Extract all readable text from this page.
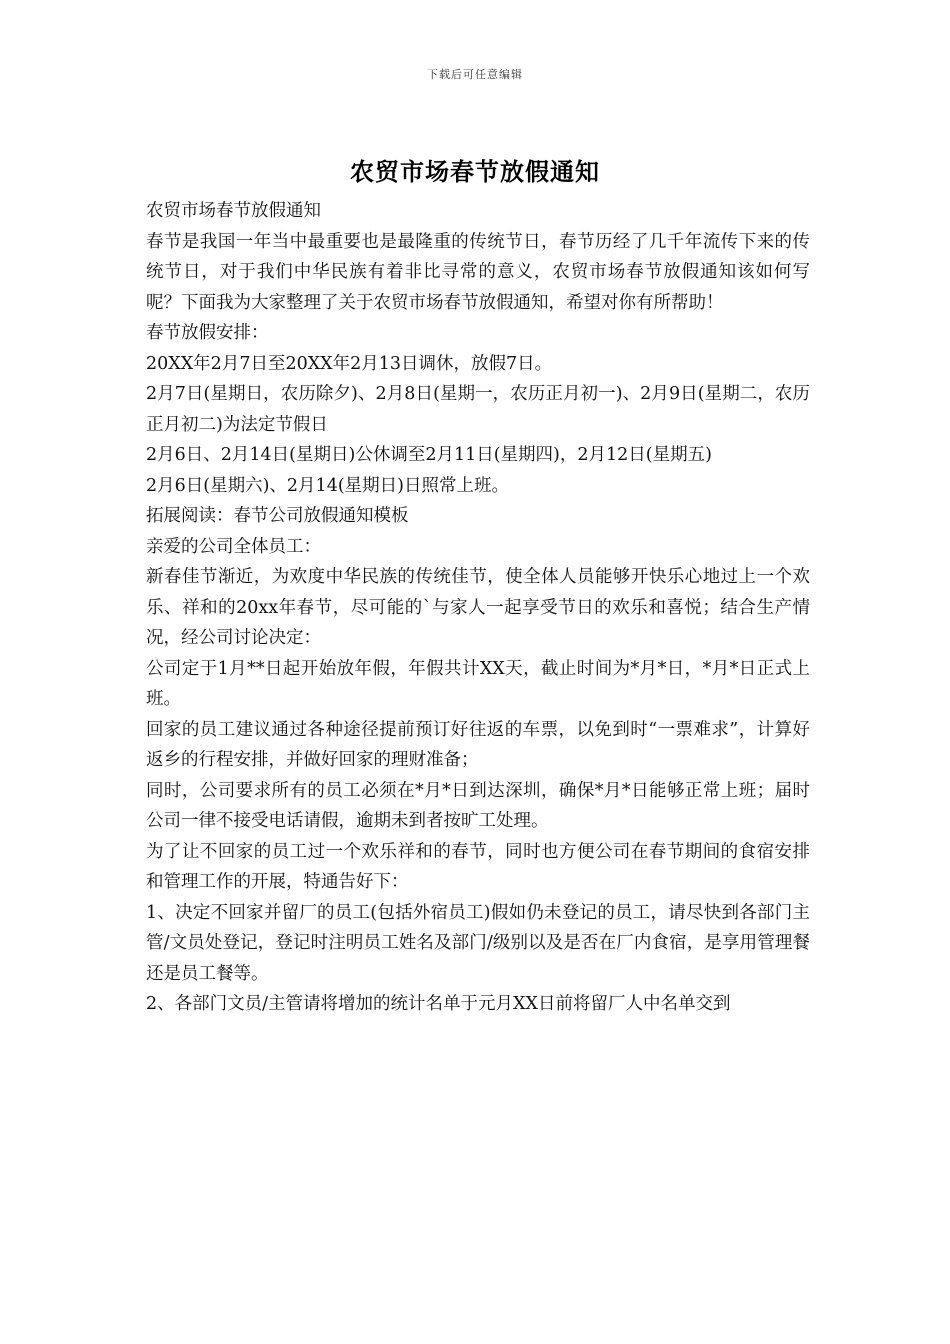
下载后可任意编辑
农贸市场春节放假通知

农贸市场春节放假通知

春节是我国一年当中最重要也是最隆重的传统节日，春节历经了几千年流传下来的传统节日，对于我们中华民族有着非比寻常的意义，农贸市场春节放假通知该如何写呢？下面我为大家整理了关于农贸市场春节放假通知，希望对你有所帮助！

春节放假安排：

20XX年2月7日至20XX年2月13日调休，放假7日。

2月7日(星期日，农历除夕)、2月8日(星期一，农历正月初一)、2月9日(星期二，农历正月初二)为法定节假日

2月6日、2月14日(星期日)公休调至2月11日(星期四)，2月12日(星期五)

2月6日(星期六)、2月14(星期日)日照常上班。

拓展阅读：春节公司放假通知模板

亲爱的公司全体员工：

新春佳节渐近，为欢度中华民族的传统佳节，使全体人员能够开快乐心地过上一个欢乐、祥和的20xx年春节，尽可能的`与家人一起享受节日的欢乐和喜悦；结合生产情况，经公司讨论决定：

公司定于1月**日起开始放年假，年假共计XX天，截止时间为*月*日，*月*日正式上班。

回家的员工建议通过各种途径提前预订好往返的车票，以免到时“一票难求”，计算好返乡的行程安排，并做好回家的理财准备；

同时，公司要求所有的员工必须在*月*日到达深圳，确保*月*日能够正常上班；届时公司一律不接受电话请假，逾期未到者按旷工处理。

为了让不回家的员工过一个欢乐祥和的春节，同时也方便公司在春节期间的食宿安排和管理工作的开展，特通告好下：

1、决定不回家并留厂的员工(包括外宿员工)假如仍未登记的员工，请尽快到各部门主管/文员处登记，登记时注明员工姓名及部门/级别以及是否在厂内食宿，是享用管理餐还是员工餐等。

2、各部门文员/主管请将增加的统计名单于元月XX日前将留厂人中名单交到
